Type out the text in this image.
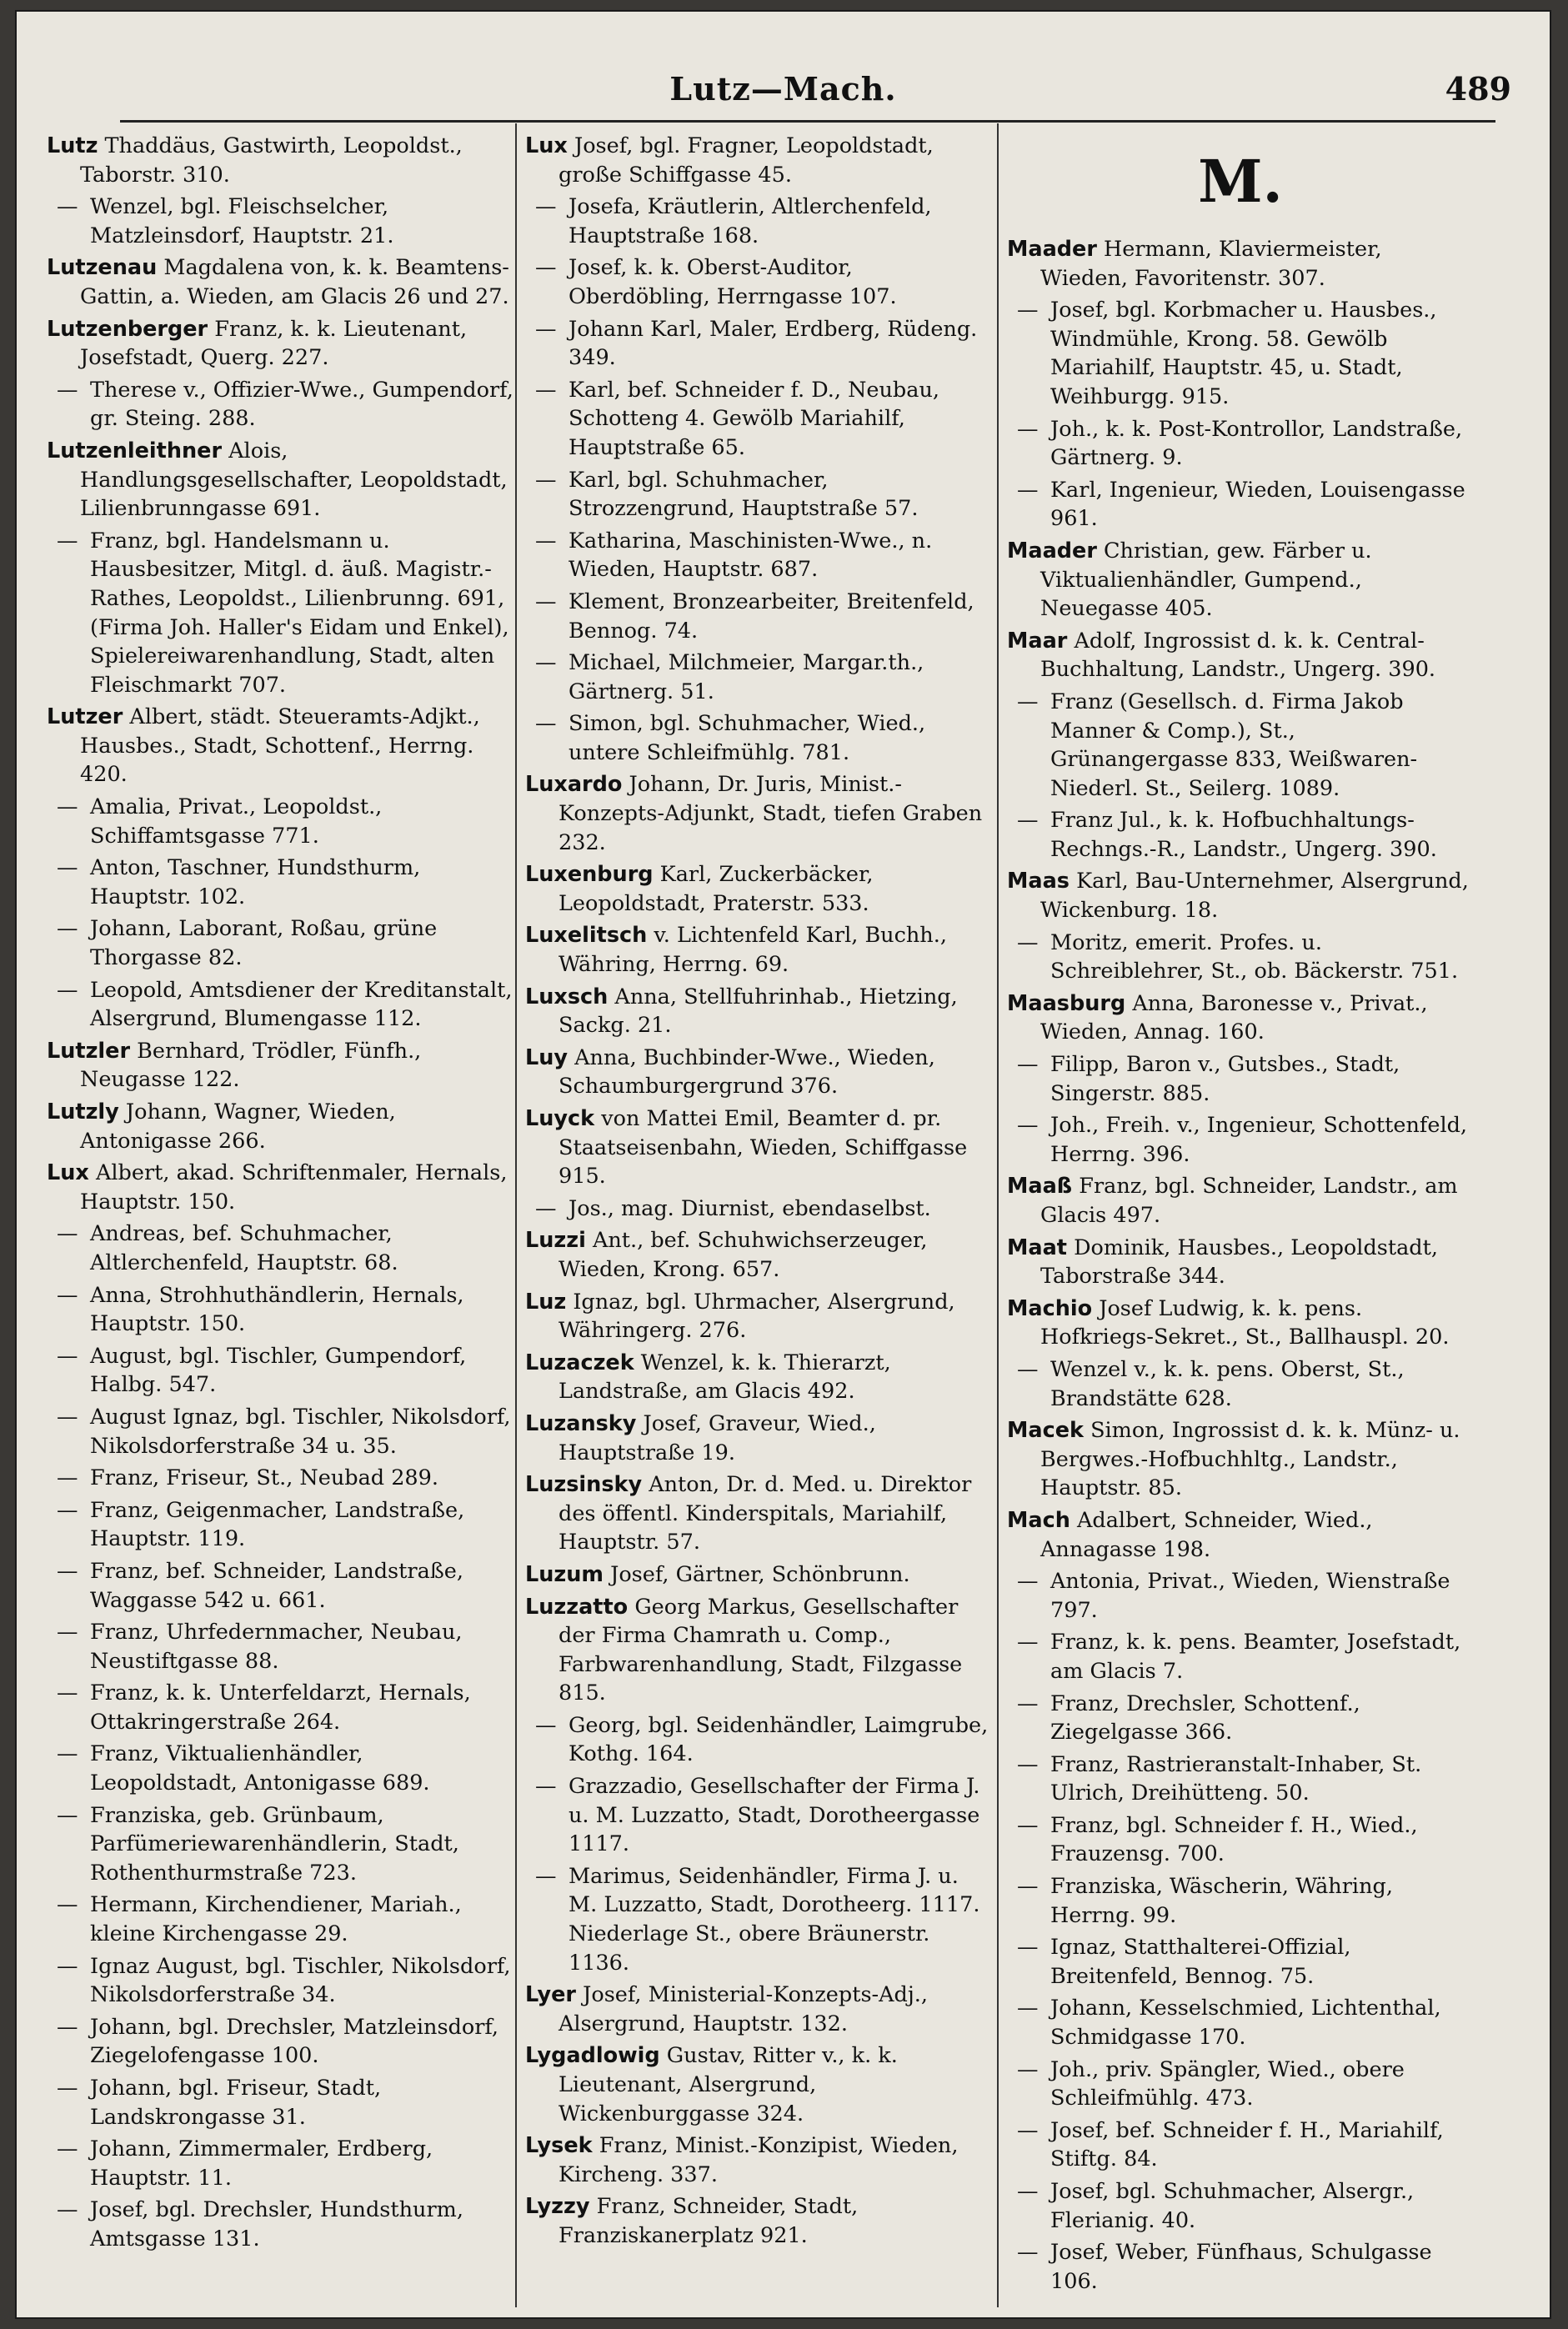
Lutz—Mach.	489
Lutz Thaddäus, Gastwirth, Leopoldst., Taborstr. 310.
— Wenzel, bgl. Fleischselcher, Matzleinsdorf, Hauptstr. 21.
Lutzenau Magdalena von, k. k. Beamtens-Gattin, a. Wieden, am Glacis 26 und 27.
Lutzenberger Franz, k. k. Lieutenant, Josefstadt, Querg. 227.
— Therese v., Offizier-Wwe., Gumpendorf, gr. Steing. 288.
Lutzenleithner Alois, Handlungsgesellschafter, Leopoldstadt, Lilienbrunngasse 691.
— Franz, bgl. Handelsmann u. Hausbesitzer, Mitgl. d. äuß. Magistr.-Rathes, Leopoldst., Lilienbrunng. 691, (Firma Joh. Haller's Eidam und Enkel), Spielereiwarenhandlung, Stadt, alten Fleischmarkt 707.
Lutzer Albert, städt. Steueramts-Adjkt., Hausbes., Stadt, Schottenf., Herrng. 420.
— Amalia, Privat., Leopoldst., Schiffamtsgasse 771.
— Anton, Taschner, Hundsthurm, Hauptstr. 102.
— Johann, Laborant, Roßau, grüne Thorgasse 82.
— Leopold, Amtsdiener der Kreditanstalt, Alsergrund, Blumengasse 112.
Lutzler Bernhard, Trödler, Fünfh., Neugasse 122.
Lutzly Johann, Wagner, Wieden, Antonigasse 266.
Lux Albert, akad. Schriftenmaler, Hernals, Hauptstr. 150.
— Andreas, bef. Schuhmacher, Altlerchenfeld, Hauptstr. 68.
— Anna, Strohhuthändlerin, Hernals, Hauptstr. 150.
— August, bgl. Tischler, Gumpendorf, Halbg. 547.
— August Ignaz, bgl. Tischler, Nikolsdorf, Nikolsdorferstraße 34 u. 35.
— Franz, Friseur, St., Neubad 289.
— Franz, Geigenmacher, Landstraße, Hauptstr. 119.
— Franz, bef. Schneider, Landstraße, Waggasse 542 u. 661.
— Franz, Uhrfedernmacher, Neubau, Neustiftgasse 88.
— Franz, k. k. Unterfeldarzt, Hernals, Ottakringerstraße 264.
— Franz, Viktualienhändler, Leopoldstadt, Antonigasse 689.
— Franziska, geb. Grünbaum, Parfümeriewarenhändlerin, Stadt, Rothenthurmstraße 723.
— Hermann, Kirchendiener, Mariah., kleine Kirchengasse 29.
— Ignaz August, bgl. Tischler, Nikolsdorf, Nikolsdorferstraße 34.
— Johann, bgl. Drechsler, Matzleinsdorf, Ziegelofengasse 100.
— Johann, bgl. Friseur, Stadt, Landskrongasse 31.
— Johann, Zimmermaler, Erdberg, Hauptstr. 11.
— Josef, bgl. Drechsler, Hundsthurm, Amtsgasse 131.
Lux Josef, bgl. Fragner, Leopoldstadt, große Schiffgasse 45.
— Josefa, Kräutlerin, Altlerchenfeld, Hauptstraße 168.
— Josef, k. k. Oberst-Auditor, Oberdöbling, Herrngasse 107.
— Johann Karl, Maler, Erdberg, Rüdeng. 349.
— Karl, bef. Schneider f. D., Neubau, Schotteng 4. Gewölb Mariahilf, Hauptstraße 65.
— Karl, bgl. Schuhmacher, Strozzengrund, Hauptstraße 57.
— Katharina, Maschinisten-Wwe., n. Wieden, Hauptstr. 687.
— Klement, Bronzearbeiter, Breitenfeld, Bennog. 74.
— Michael, Milchmeier, Margar.th., Gärtnerg. 51.
— Simon, bgl. Schuhmacher, Wied., untere Schleifmühlg. 781.
Luxardo Johann, Dr. Juris, Minist.-Konzepts-Adjunkt, Stadt, tiefen Graben 232.
Luxenburg Karl, Zuckerbäcker, Leopoldstadt, Praterstr. 533.
Luxelitsch v. Lichtenfeld Karl, Buchh., Währing, Herrng. 69.
Luxsch Anna, Stellfuhrinhab., Hietzing, Sackg. 21.
Luy Anna, Buchbinder-Wwe., Wieden, Schaumburgergrund 376.
Luyck von Mattei Emil, Beamter d. pr. Staatseisenbahn, Wieden, Schiffgasse 915.
— Jos., mag. Diurnist, ebendaselbst.
Luzzi Ant., bef. Schuhwichserzeuger, Wieden, Krong. 657.
Luz Ignaz, bgl. Uhrmacher, Alsergrund, Währingerg. 276.
Luzaczek Wenzel, k. k. Thierarzt, Landstraße, am Glacis 492.
Luzansky Josef, Graveur, Wied., Hauptstraße 19.
Luzsinsky Anton, Dr. d. Med. u. Direktor des öffentl. Kinderspitals, Mariahilf, Hauptstr. 57.
Luzum Josef, Gärtner, Schönbrunn.
Luzzatto Georg Markus, Gesellschafter der Firma Chamrath u. Comp., Farbwarenhandlung, Stadt, Filzgasse 815.
— Georg, bgl. Seidenhändler, Laimgrube, Kothg. 164.
— Grazzadio, Gesellschafter der Firma J. u. M. Luzzatto, Stadt, Dorotheergasse 1117.
— Marimus, Seidenhändler, Firma J. u. M. Luzzatto, Stadt, Dorotheerg. 1117. Niederlage St., obere Bräunerstr. 1136.
Lyer Josef, Ministerial-Konzepts-Adj., Alsergrund, Hauptstr. 132.
Lygadlowig Gustav, Ritter v., k. k. Lieutenant, Alsergrund, Wickenburggasse 324.
Lysek Franz, Minist.-Konzipist, Wieden, Kircheng. 337.
Lyzzy Franz, Schneider, Stadt, Franziskanerplatz 921.
M.
Maader Hermann, Klaviermeister, Wieden, Favoritenstr. 307.
— Josef, bgl. Korbmacher u. Hausbes., Windmühle, Krong. 58. Gewölb Mariahilf, Hauptstr. 45, u. Stadt, Weihburgg. 915.
— Joh., k. k. Post-Kontrollor, Landstraße, Gärtnerg. 9.
— Karl, Ingenieur, Wieden, Louisengasse 961.
Maader Christian, gew. Färber u. Viktualienhändler, Gumpend., Neuegasse 405.
Maar Adolf, Ingrossist d. k. k. Central-Buchhaltung, Landstr., Ungerg. 390.
— Franz (Gesellsch. d. Firma Jakob Manner & Comp.), St., Grünangergasse 833, Weißwaren-Niederl. St., Seilerg. 1089.
— Franz Jul., k. k. Hofbuchhaltungs-Rechngs.-R., Landstr., Ungerg. 390.
Maas Karl, Bau-Unternehmer, Alsergrund, Wickenburg. 18.
— Moritz, emerit. Profes. u. Schreiblehrer, St., ob. Bäckerstr. 751.
Maasburg Anna, Baronesse v., Privat., Wieden, Annag. 160.
— Filipp, Baron v., Gutsbes., Stadt, Singerstr. 885.
— Joh., Freih. v., Ingenieur, Schottenfeld, Herrng. 396.
Maaß Franz, bgl. Schneider, Landstr., am Glacis 497.
Maat Dominik, Hausbes., Leopoldstadt, Taborstraße 344.
Machio Josef Ludwig, k. k. pens. Hofkriegs-Sekret., St., Ballhauspl. 20.
— Wenzel v., k. k. pens. Oberst, St., Brandstätte 628.
Macek Simon, Ingrossist d. k. k. Münz- u. Bergwes.-Hofbuchhltg., Landstr., Hauptstr. 85.
Mach Adalbert, Schneider, Wied., Annagasse 198.
— Antonia, Privat., Wieden, Wienstraße 797.
— Franz, k. k. pens. Beamter, Josefstadt, am Glacis 7.
— Franz, Drechsler, Schottenf., Ziegelgasse 366.
— Franz, Rastrieranstalt-Inhaber, St. Ulrich, Dreihütteng. 50.
— Franz, bgl. Schneider f. H., Wied., Frauzensg. 700.
— Franziska, Wäscherin, Währing, Herrng. 99.
— Ignaz, Statthalterei-Offizial, Breitenfeld, Bennog. 75.
— Johann, Kesselschmied, Lichtenthal, Schmidgasse 170.
— Joh., priv. Spängler, Wied., obere Schleifmühlg. 473.
— Josef, bef. Schneider f. H., Mariahilf, Stiftg. 84.
— Josef, bgl. Schuhmacher, Alsergr., Flerianig. 40.
— Josef, Weber, Fünfhaus, Schulgasse 106.
